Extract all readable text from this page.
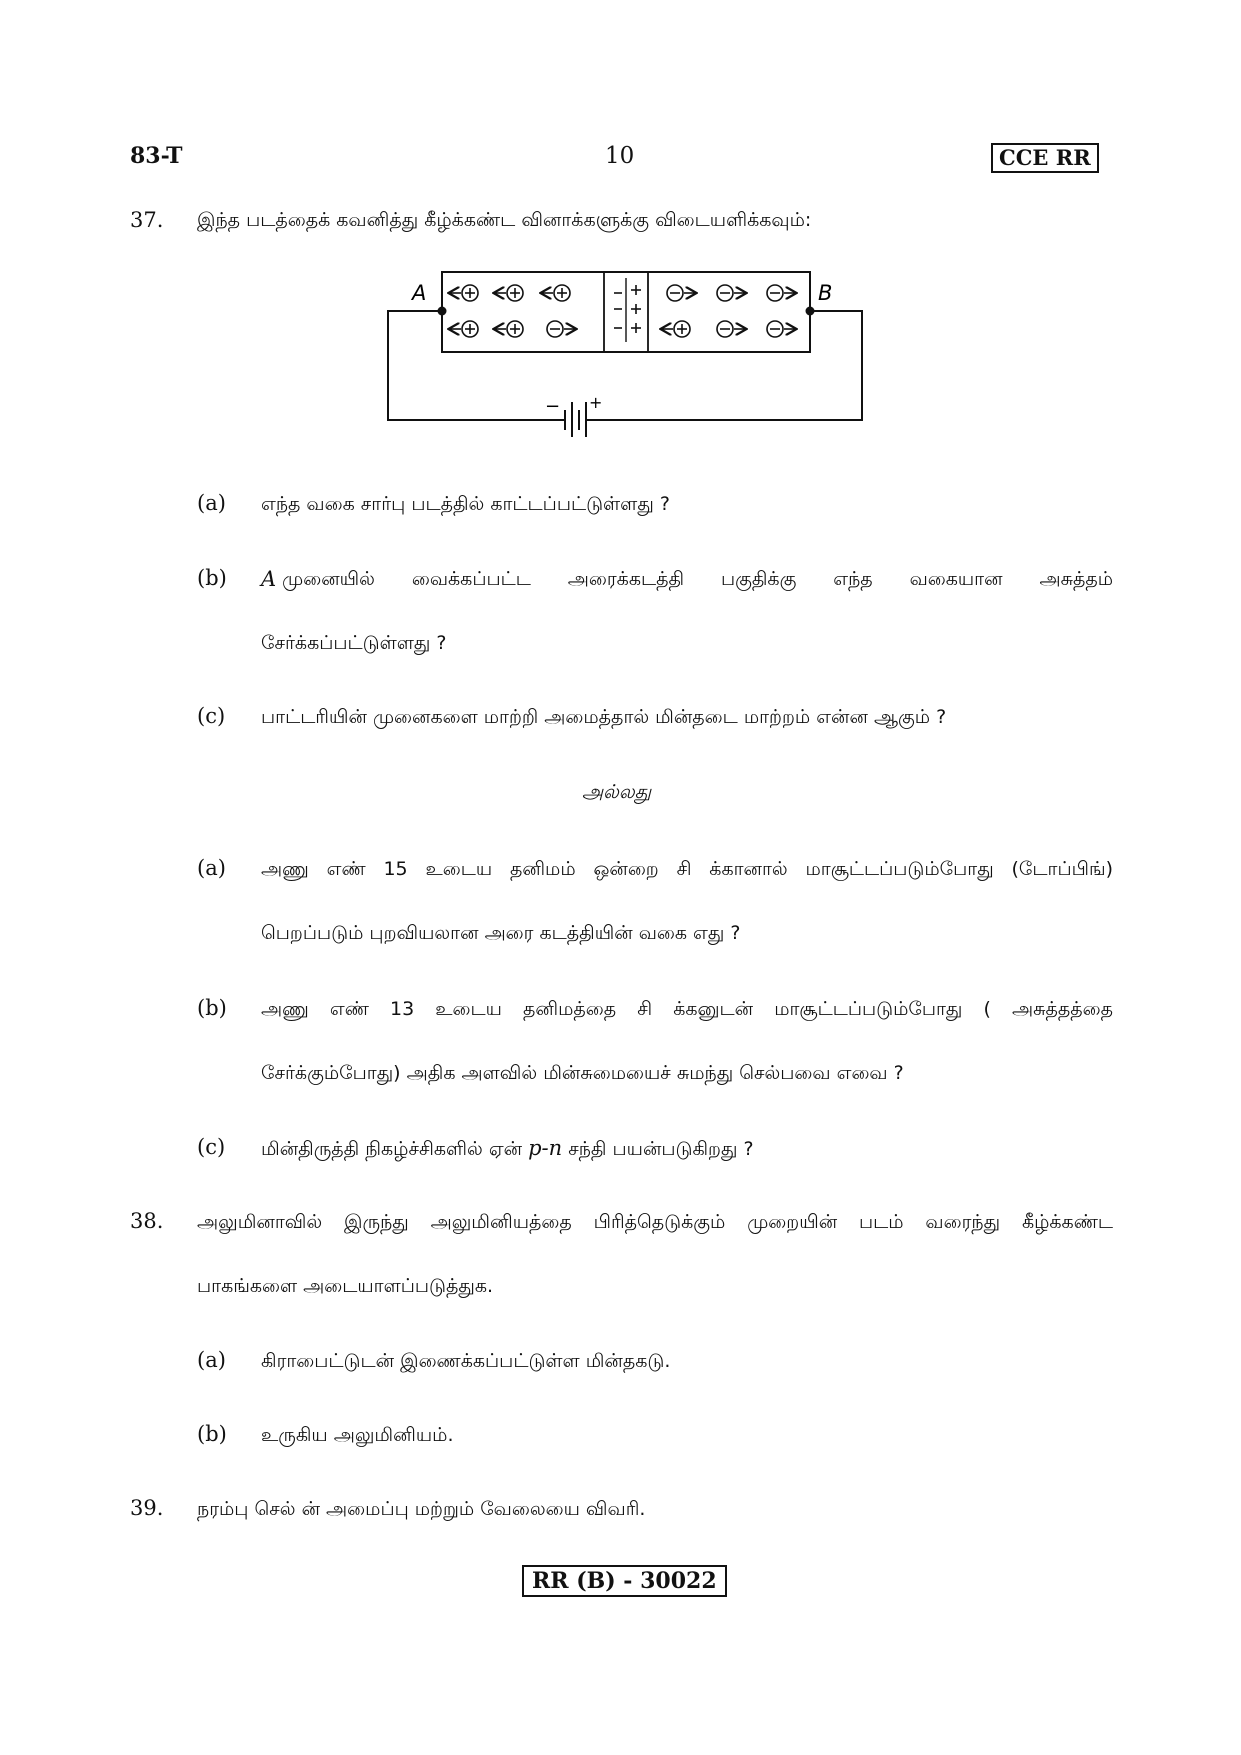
83-T	10	CCE RR
37. இந்த படத்தைக் கவனித்து கீழ்க்கண்ட வினாக்களுக்கு விடையளிக்கவும்:
− +
A	B
(a) எந்த வகை சார்பு படத்தில் காட்டப்பட்டுள்ளது ?
(b) A முனையில் வைக்கப்பட்ட அரைக்கடத்தி பகுதிக்கு எந்த வகையான அசுத்தம்
சேர்க்கப்பட்டுள்ளது ?
(c) பாட்டரியின் முனைகளை மாற்றி அமைத்தால் மின்தடை மாற்றம் என்ன ஆகும் ?
அல்லது
(a) அணு எண் 15 உடைய தனிமம் ஒன்றை சி க்கானால் மாசூட்டப்படும்போது (டோப்பிங்)
பெறப்படும் புறவியலான அரை கடத்தியின் வகை எது ?
(b) அணு எண் 13 உடைய தனிமத்தை சி க்கனுடன் மாசூட்டப்படும்போது ( அசுத்தத்தை
சேர்க்கும்போது) அதிக அளவில் மின்சுமையைச் சுமந்து செல்பவை எவை ?
(c) மின்திருத்தி நிகழ்ச்சிகளில் ஏன் p-n சந்தி பயன்படுகிறது ?
38. அலுமினாவில் இருந்து அலுமினியத்தை பிரித்தெடுக்கும் முறையின் படம் வரைந்து கீழ்க்கண்ட
பாகங்களை அடையாளப்படுத்துக.
(a) கிராபைட்டுடன் இணைக்கப்பட்டுள்ள மின்தகடு.
(b) உருகிய அலுமினியம்.
39. நரம்பு செல் ன் அமைப்பு மற்றும் வேலையை விவரி.
RR (B) - 30022
